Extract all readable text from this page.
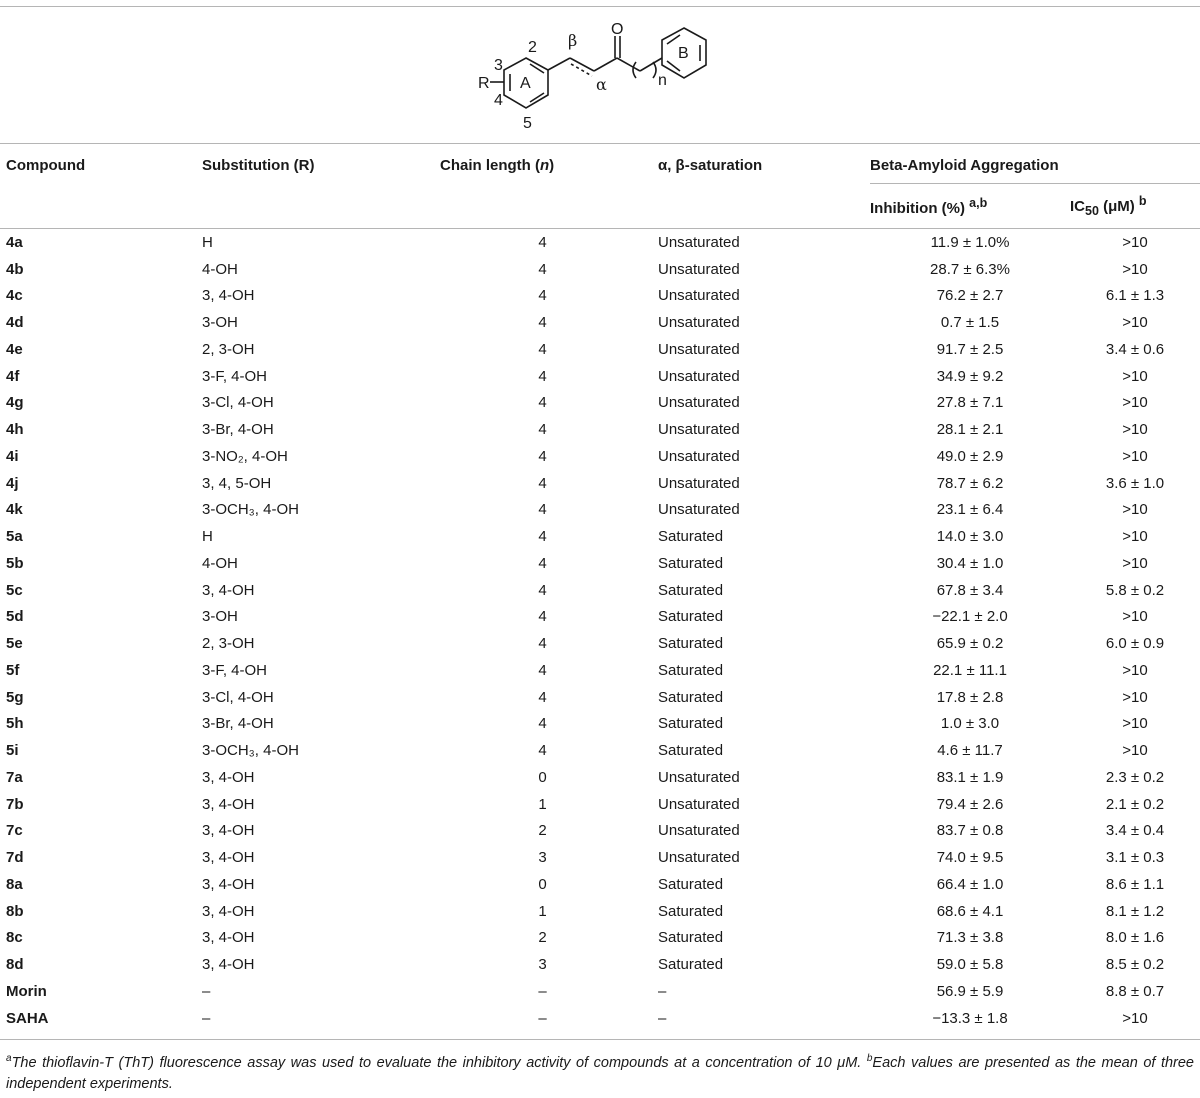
A
B
R
2
3
4
5
β
α
O
n
Compound	Substitution (R)	Chain length (n)	α, β-saturation	Beta-Amyloid Aggregation	
				Inhibition (%) $^{a,b}$	$IC_{50}$ (μM) $^b$
4a	H	4	Unsaturated	11.9 ± 1.0%	>10
4b	4-OH	4	Unsaturated	28.7 ± 6.3%	>10
4c	3, 4-OH	4	Unsaturated	76.2 ± 2.7	6.1 ± 1.3
4d	3-OH	4	Unsaturated	0.7 ± 1.5	>10
4e	2, 3-OH	4	Unsaturated	91.7 ± 2.5	3.4 ± 0.6
4f	3-F, 4-OH	4	Unsaturated	34.9 ± 9.2	>10
4g	3-Cl, 4-OH	4	Unsaturated	27.8 ± 7.1	>10
4h	3-Br, 4-OH	4	Unsaturated	28.1 ± 2.1	>10
4i	3-NO₂, 4-OH	4	Unsaturated	49.0 ± 2.9	>10
4j	3, 4, 5-OH	4	Unsaturated	78.7 ± 6.2	3.6 ± 1.0
4k	3-OCH₃, 4-OH	4	Unsaturated	23.1 ± 6.4	>10
5a	H	4	Saturated	14.0 ± 3.0	>10
5b	4-OH	4	Saturated	30.4 ± 1.0	>10
5c	3, 4-OH	4	Saturated	67.8 ± 3.4	5.8 ± 0.2
5d	3-OH	4	Saturated	−22.1 ± 2.0	>10
5e	2, 3-OH	4	Saturated	65.9 ± 0.2	6.0 ± 0.9
5f	3-F, 4-OH	4	Saturated	22.1 ± 11.1	>10
5g	3-Cl, 4-OH	4	Saturated	17.8 ± 2.8	>10
5h	3-Br, 4-OH	4	Saturated	1.0 ± 3.0	>10
5i	3-OCH₃, 4-OH	4	Saturated	4.6 ± 11.7	>10
7a	3, 4-OH	0	Unsaturated	83.1 ± 1.9	2.3 ± 0.2
7b	3, 4-OH	1	Unsaturated	79.4 ± 2.6	2.1 ± 0.2
7c	3, 4-OH	2	Unsaturated	83.7 ± 0.8	3.4 ± 0.4
7d	3, 4-OH	3	Unsaturated	74.0 ± 9.5	3.1 ± 0.3
8a	3, 4-OH	0	Saturated	66.4 ± 1.0	8.6 ± 1.1
8b	3, 4-OH	1	Saturated	68.6 ± 4.1	8.1 ± 1.2
8c	3, 4-OH	2	Saturated	71.3 ± 3.8	8.0 ± 1.6
8d	3, 4-OH	3	Saturated	59.0 ± 5.8	8.5 ± 0.2
Morin	–	–	–	56.9 ± 5.9	8.8 ± 0.7
SAHA	–	–	–	−13.3 ± 1.8	>10
$^a$The thioflavin-T (ThT) fluorescence assay was used to evaluate the inhibitory activity of compounds at a concentration of 10 μM. $^b$Each values are presented as the mean of three independent experiments.
